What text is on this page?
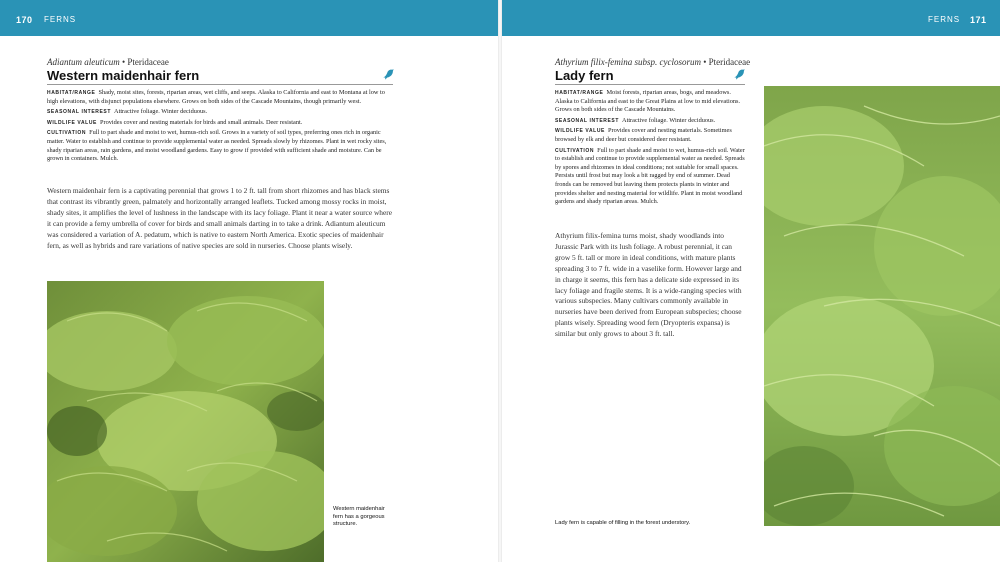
170 FERNS	FERNS 171
Adiantum aleuticum • Pteridaceae
Western maidenhair fern

HABITAT/RANGE Shady, moist sites, forests, riparian areas, wet cliffs, and seeps. Alaska to California and east to Montana at low to high elevations, with disjunct populations elsewhere. Grows on both sides of the Cascade Mountains, though primarily west.

SEASONAL INTEREST Attractive foliage. Winter deciduous.

WILDLIFE VALUE Provides cover and nesting materials for birds and small animals. Deer resistant.

CULTIVATION Full to part shade and moist to wet, humus-rich soil. Grows in a variety of soil types, preferring ones rich in organic matter. Water to establish and continue to provide supplemental water as needed. Spreads slowly by rhizomes. Plant in wet rocky sites, shady riparian areas, rain gardens, and moist woodland gardens. Easy to grow if provided with sufficient shade and moisture. Can be grown in containers. Mulch.

Western maidenhair fern is a captivating perennial that grows 1 to 2 ft. tall from short rhizomes and has black stems that contrast its vibrantly green, palmately and horizontally arranged leaflets. Tucked among mossy rocks in moist, shady sites, it amplifies the level of lushness in the landscape with its lacy foliage. Plant it near a water source where it can provide a ferny umbrella of cover for birds and small animals darting in to take a drink. Adiantum aleuticum was considered a variation of A. pedatum, which is native to eastern North America. Exotic species of maidenhair fern, as well as hybrids and rare variations of native species are sold in nurseries. Choose plants wisely.
Western maidenhair fern has a gorgeous structure.
Athyrium filix-femina subsp. cyclosorum • Pteridaceae
Lady fern

HABITAT/RANGE Moist forests, riparian areas, bogs, and meadows. Alaska to California and east to the Great Plains at low to mid elevations. Grows on both sides of the Cascade Mountains.

SEASONAL INTEREST Attractive foliage. Winter deciduous.

WILDLIFE VALUE Provides cover and nesting materials. Sometimes browsed by elk and deer but considered deer resistant.

CULTIVATION Full to part shade and moist to wet, humus-rich soil. Water to establish and continue to provide supplemental water as needed. Spreads by spores and rhizomes in ideal conditions; not suitable for small spaces. Persists until frost but may look a bit ragged by end of summer. Dead fronds can be removed but leaving them protects plants in winter and provides shelter and nesting material for wildlife. Plant in moist woodland gardens and shady riparian areas. Mulch.

Athyrium filix-femina turns moist, shady woodlands into Jurassic Park with its lush foliage. A robust perennial, it can grow 5 ft. tall or more in ideal conditions, with mature plants spreading 3 to 7 ft. wide in a vaselike form. However large and in charge it seems, this fern has a delicate side expressed in its lacy foliage and fragile stems. It is a wide-ranging species with various subspecies. Many cultivars commonly available in nurseries have been derived from European subspecies; choose plants wisely. Spreading wood fern (Dryopteris expansa) is similar but only grows to about 3 ft. tall.
Lady fern is capable of filling in the forest understory.
